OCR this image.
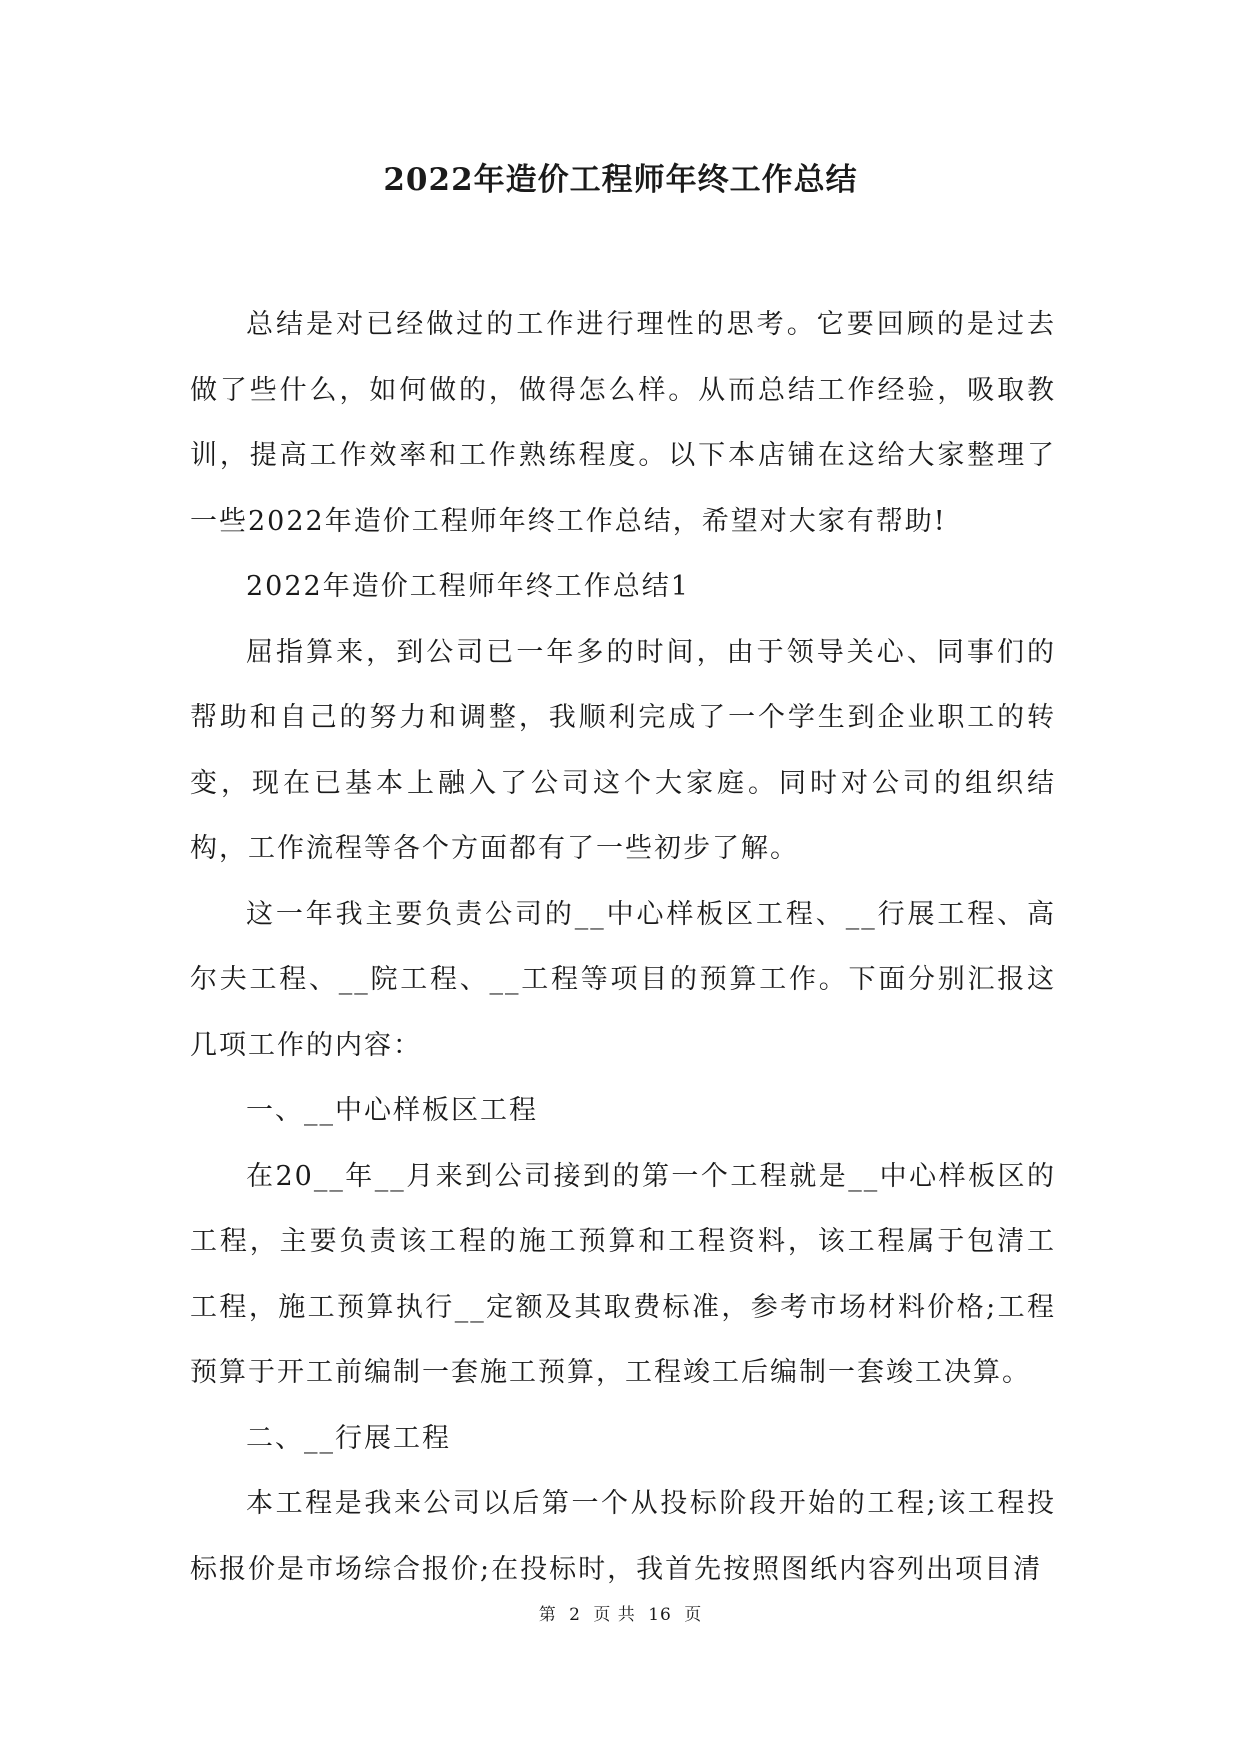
2022年造价工程师年终工作总结

总结是对已经做过的工作进行理性的思考。它要回顾的是过去做了些什么，如何做的，做得怎么样。从而总结工作经验，吸取教训，提高工作效率和工作熟练程度。以下本店铺在这给大家整理了一些2022年造价工程师年终工作总结，希望对大家有帮助!

2022年造价工程师年终工作总结1

屈指算来，到公司已一年多的时间，由于领导关心、同事们的帮助和自己的努力和调整，我顺利完成了一个学生到企业职工的转变，现在已基本上融入了公司这个大家庭。同时对公司的组织结构，工作流程等各个方面都有了一些初步了解。

这一年我主要负责公司的__中心样板区工程、__行展工程、高尔夫工程、__院工程、__工程等项目的预算工作。下面分别汇报这几项工作的内容：

一、__中心样板区工程

在20__年__月来到公司接到的第一个工程就是__中心样板区的工程，主要负责该工程的施工预算和工程资料，该工程属于包清工工程，施工预算执行__定额及其取费标准，参考市场材料价格;工程预算于开工前编制一套施工预算，工程竣工后编制一套竣工决算。

二、__行展工程

本工程是我来公司以后第一个从投标阶段开始的工程;该工程投标报价是市场综合报价;在投标时，我首先按照图纸内容列出项目清

第 2 页 共 16 页
